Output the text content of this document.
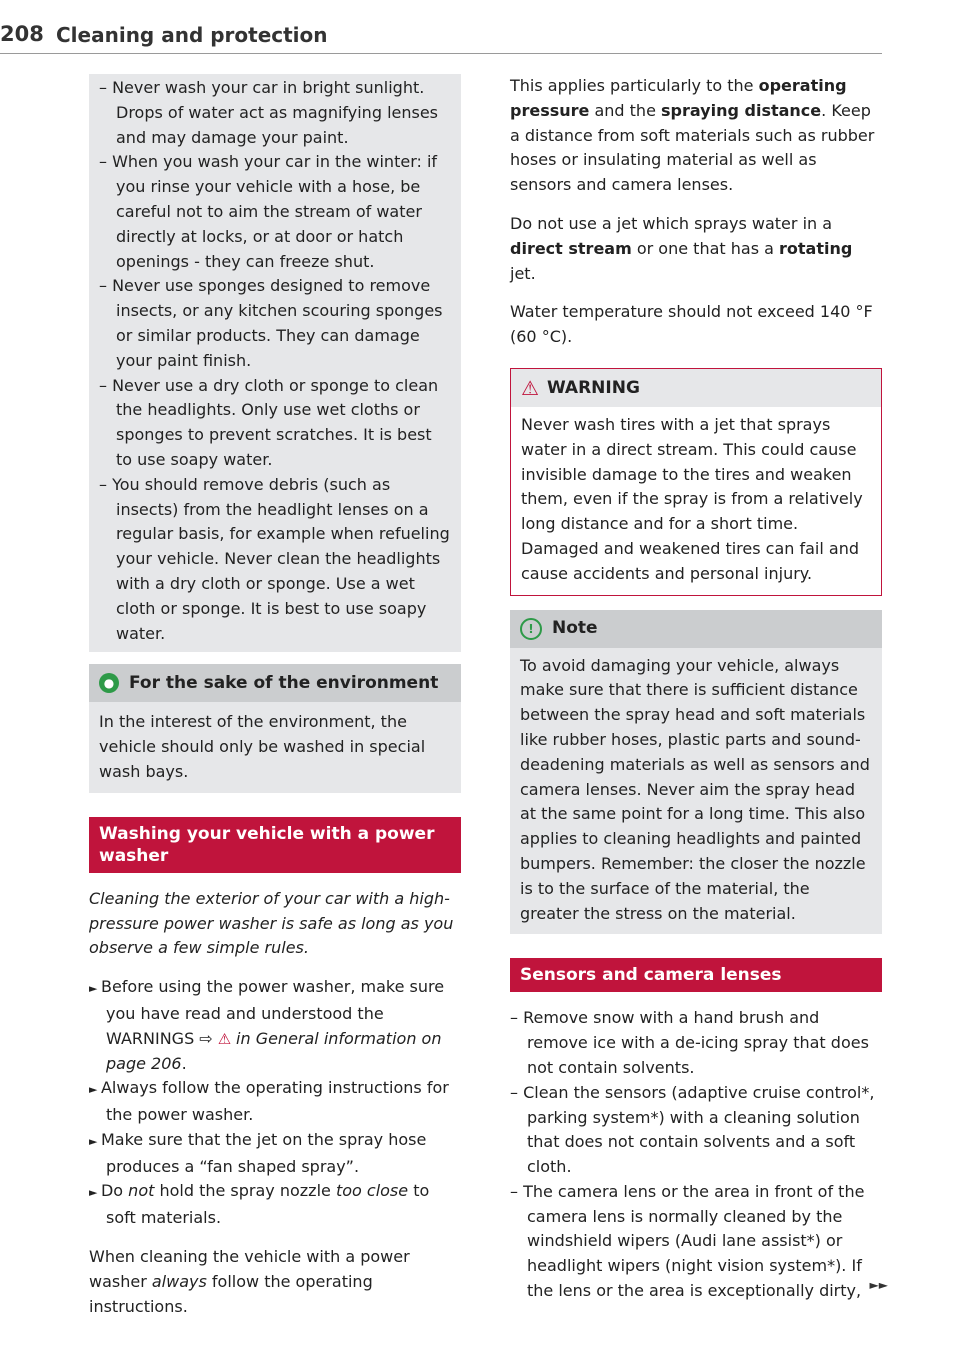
208 Cleaning and protection
– Never wash your car in bright sunlight. Drops of water act as magnifying lenses and may damage your paint.
– When you wash your car in the winter: if you rinse your vehicle with a hose, be careful not to aim the stream of water directly at locks, or at door or hatch openings - they can freeze shut.
– Never use sponges designed to remove insects, or any kitchen scouring sponges or similar products. They can damage your paint finish.
– Never use a dry cloth or sponge to clean the headlights. Only use wet cloths or sponges to prevent scratches. It is best to use soapy water.
– You should remove debris (such as insects) from the headlight lenses on a regular basis, for example when refueling your vehicle. Never clean the headlights with a dry cloth or sponge. Use a wet cloth or sponge. It is best to use soapy water.
● For the sake of the environment
In the interest of the environment, the vehicle should only be washed in special wash bays.
Washing your vehicle with a power washer

Cleaning the exterior of your car with a high-pressure power washer is safe as long as you observe a few simple rules.

► Before using the power washer, make sure you have read and understood the WARNINGS ⇨ ⚠ in General information on page 206.
► Always follow the operating instructions for the power washer.
► Make sure that the jet on the spray hose produces a “fan shaped spray”.
► Do not hold the spray nozzle too close to soft materials.

When cleaning the vehicle with a power washer always follow the operating instructions.

This applies particularly to the operating pressure and the spraying distance. Keep a distance from soft materials such as rubber hoses or insulating material as well as sensors and camera lenses.

Do not use a jet which sprays water in a direct stream or one that has a rotating jet.

Water temperature should not exceed 140 °F (60 °C).

⚠ WARNING
Never wash tires with a jet that sprays water in a direct stream. This could cause invisible damage to the tires and weaken them, even if the spray is from a relatively long distance and for a short time. Damaged and weakened tires can fail and cause accidents and personal injury.
!	Note
To avoid damaging your vehicle, always make sure that there is sufficient distance between the spray head and soft materials like rubber hoses, plastic parts and sound-deadening materials as well as sensors and camera lenses. Never aim the spray head at the same point for a long time. This also applies to cleaning headlights and painted bumpers. Remember: the closer the nozzle is to the surface of the material, the greater the stress on the material.
Sensors and camera lenses
– Remove snow with a hand brush and remove ice with a de-icing spray that does not contain solvents.
– Clean the sensors (adaptive cruise control*, parking system*) with a cleaning solution that does not contain solvents and a soft cloth.
– The camera lens or the area in front of the camera lens is normally cleaned by the windshield wipers (Audi lane assist*) or headlight wipers (night vision system*). If the lens or the area is exceptionally dirty, ►►
